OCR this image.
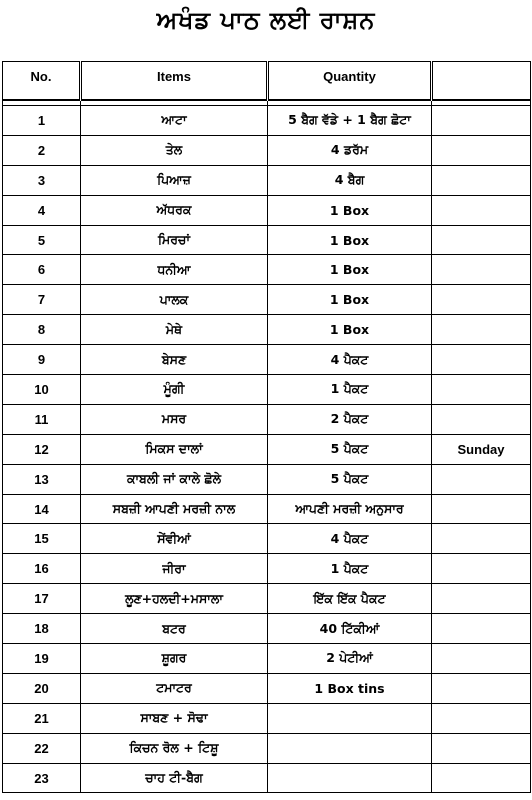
ਅਖੰਡ ਪਾਠ ਲਈ ਰਾਸ਼ਨ
No.	Items	Quantity	

1	ਆਟਾ	5 ਬੈਗ ਵੱਡੇ + 1 ਬੈਗ ਛੋਟਾ	
2	ਤੇਲ	4 ਡਰੱਮ	
3	ਪਿਆਜ਼	4 ਬੈਗ	
4	ਅੱਧਰਕ	1 Box	
5	ਮਿਰਚਾਂ	1 Box	
6	ਧਨੀਆ	1 Box	
7	ਪਾਲਕ	1 Box	
8	ਮੇਥੇ	1 Box	
9	ਬੇਸਣ	4 ਪੈਕਟ	
10	ਮੂੰਗੀ	1 ਪੈਕਟ	
11	ਮਸਰ	2 ਪੈਕਟ	
12	ਮਿਕਸ ਦਾਲਾਂ	5 ਪੈਕਟ	Sunday
13	ਕਾਬਲੀ ਜਾਂ ਕਾਲੇ ਛੋਲੇ	5 ਪੈਕਟ	
14	ਸਬਜ਼ੀ ਆਪਣੀ ਮਰਜ਼ੀ ਨਾਲ	ਆਪਣੀ ਮਰਜ਼ੀ ਅਨੁਸਾਰ	
15	ਸੇਂਵੀਆਂ	4 ਪੈਕਟ	
16	ਜੀਰਾ	1 ਪੈਕਟ	
17	ਲੂਣ+ਹਲਦੀ+ਮਸਾਲਾ	ਇੱਕ ਇੱਕ ਪੈਕਟ	
18	ਬਟਰ	40 ਟਿੱਕੀਆਂ	
19	ਸ਼ੂਗਰ	2 ਪੇਟੀਆਂ	
20	ਟਮਾਟਰ	1 Box tins	
21	ਸਾਬਣ + ਸੋਢਾ		
22	ਕਿਚਨ ਰੋਲ + ਟਿਸ਼ੂ		
23	ਚਾਹ ਟੀ-ਬੈਗ		
